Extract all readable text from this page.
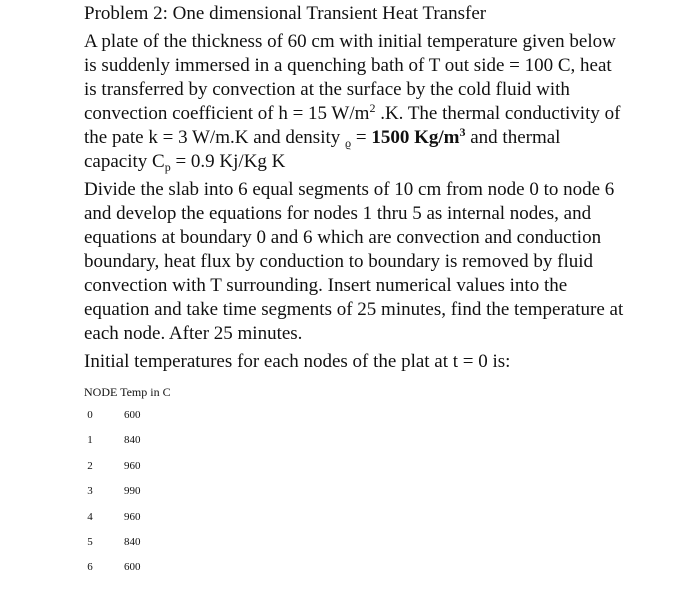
Problem 2: One dimensional Transient Heat Transfer

A plate of the thickness of 60 cm with initial temperature given below is suddenly immersed in a quenching bath of T out side = 100 C, heat is transferred by convection at the surface by the cold fluid with convection coefficient of h = 15 $W/m^2$ .K. The thermal conductivity of the pate k = 3 W/m.K and density $_ϱ$ = 1500 $Kg/m^3$ and thermal capacity $C_p = 0.9$ Kj/Kg K

Divide the slab into 6 equal segments of 10 cm from node 0 to node 6 and develop the equations for nodes 1 thru 5 as internal nodes, and equations at boundary 0 and 6 which are convection and conduction boundary, heat flux by conduction to boundary is removed by fluid convection with T surrounding. Insert numerical values into the equation and take time segments of 25 minutes, find the temperature at each node. After 25 minutes.

Initial temperatures for each nodes of the plat at t = 0 is:

NODE Temp in C
0	600
1	840
2	960
3	990
4	960
5	840
6	600
